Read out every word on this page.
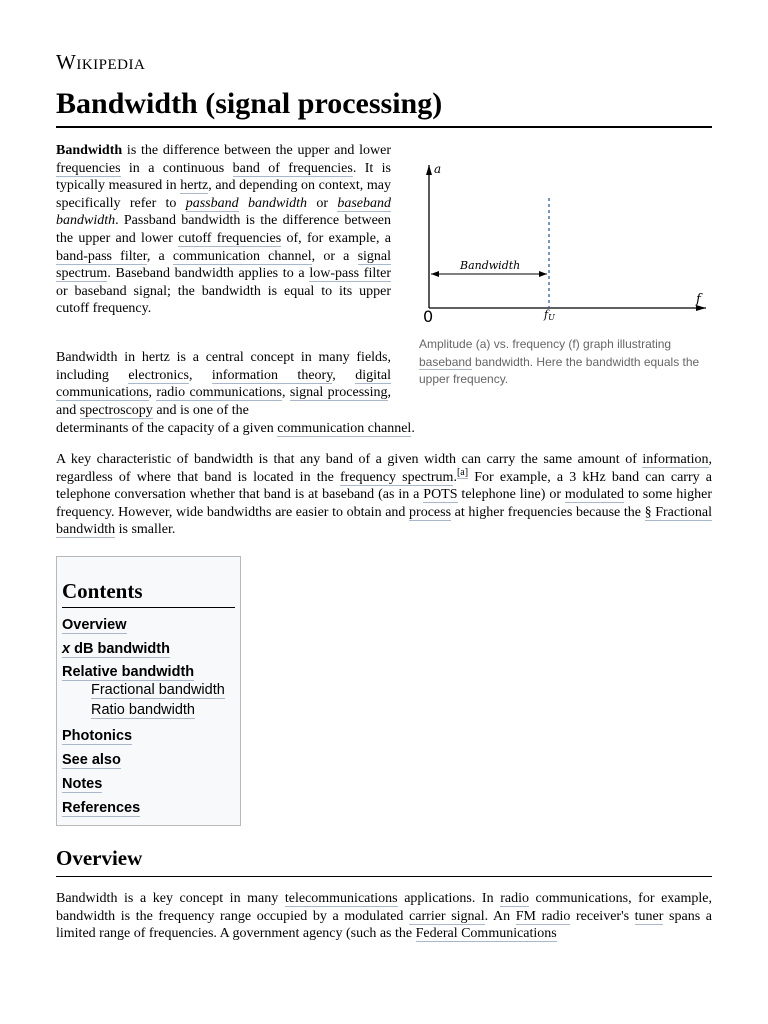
Wikipedia
Bandwidth (signal processing)

Bandwidth is the difference between the upper and lower frequencies in a continuous band of frequencies. It is typically measured in hertz, and depending on context, may specifically refer to passband bandwidth or baseband bandwidth. Passband bandwidth is the difference between the upper and lower cutoff frequencies of, for example, a band-pass filter, a communication channel, or a signal spectrum. Baseband bandwidth applies to a low-pass filter or baseband signal; the bandwidth is equal to its upper cutoff frequency.

Bandwidth
a
f
0	fU
Amplitude (a) vs. frequency (f) graph illustrating baseband bandwidth. Here the bandwidth equals the upper frequency.

Bandwidth in hertz is a central concept in many fields, including electronics, information theory, digital communications, radio communications, signal processing, and spectroscopy and is one of the

determinants of the capacity of a given communication channel.

A key characteristic of bandwidth is that any band of a given width can carry the same amount of information, regardless of where that band is located in the frequency spectrum.[a] For example, a 3 kHz band can carry a telephone conversation whether that band is at baseband (as in a POTS telephone line) or modulated to some higher frequency. However, wide bandwidths are easier to obtain and process at higher frequencies because the § Fractional bandwidth is smaller.

Contents
Overview
x dB bandwidth
Relative bandwidth
Fractional bandwidth
Ratio bandwidth
Photonics
See also
Notes
References
Overview

Bandwidth is a key concept in many telecommunications applications. In radio communications, for example, bandwidth is the frequency range occupied by a modulated carrier signal. An FM radio receiver's tuner spans a limited range of frequencies. A government agency (such as the Federal Communications
